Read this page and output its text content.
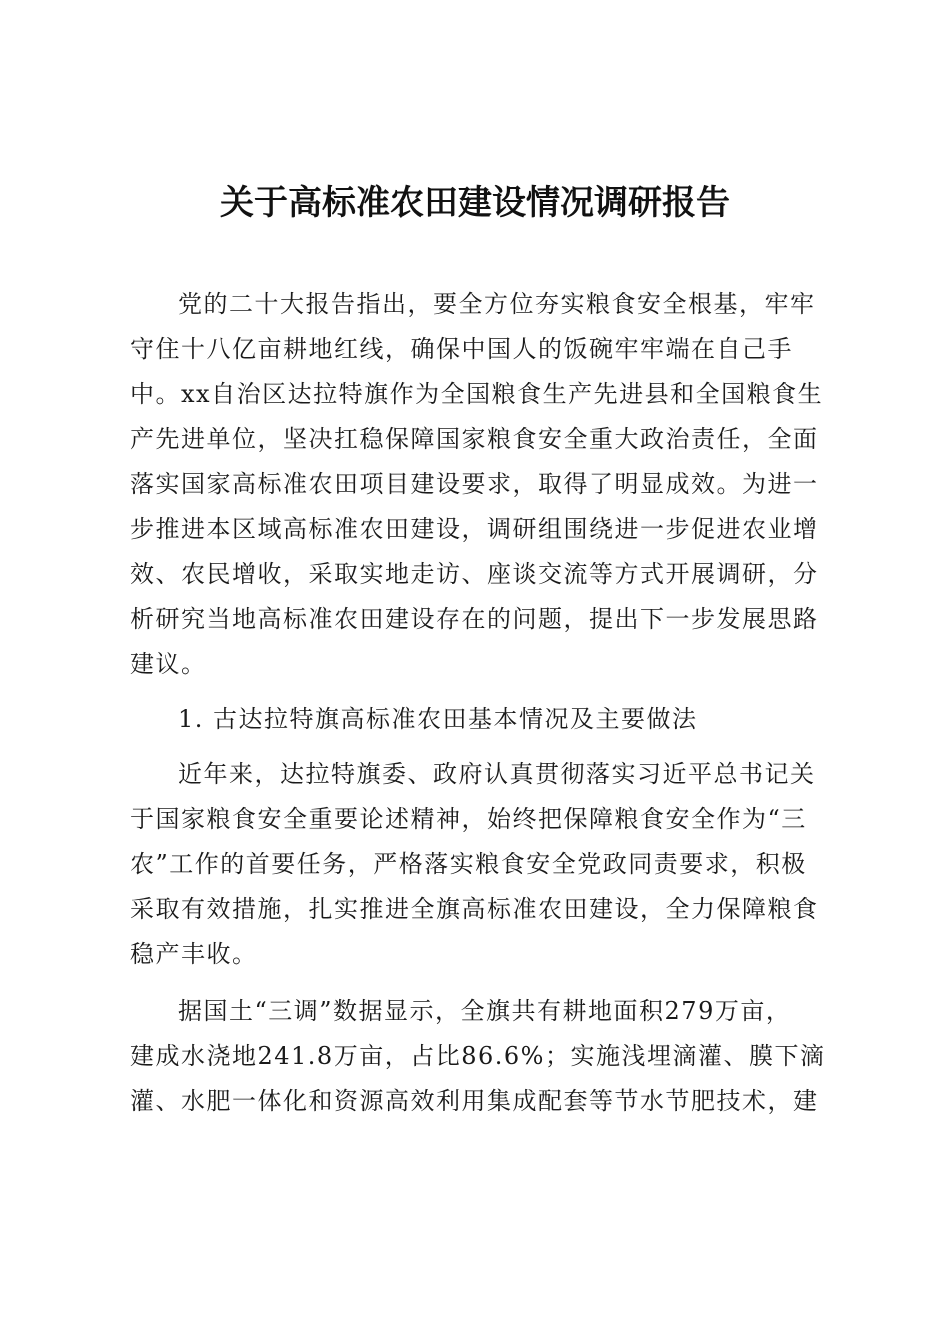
关于高标准农田建设情况调研报告
党的二十大报告指出，要全方位夯实粮食安全根基，牢牢
守住十八亿亩耕地红线，确保中国人的饭碗牢牢端在自己手
中。xx自治区达拉特旗作为全国粮食生产先进县和全国粮食生
产先进单位，坚决扛稳保障国家粮食安全重大政治责任，全面
落实国家高标准农田项目建设要求，取得了明显成效。为进一
步推进本区域高标准农田建设，调研组围绕进一步促进农业增
效、农民增收，采取实地走访、座谈交流等方式开展调研，分
析研究当地高标准农田建设存在的问题，提出下一步发展思路
建议。
1. 古达拉特旗高标准农田基本情况及主要做法
近年来，达拉特旗委、政府认真贯彻落实习近平总书记关
于国家粮食安全重要论述精神，始终把保障粮食安全作为“三
农”工作的首要任务，严格落实粮食安全党政同责要求，积极
采取有效措施，扎实推进全旗高标准农田建设，全力保障粮食
稳产丰收。
据国土“三调”数据显示，全旗共有耕地面积279万亩，
建成水浇地241.8万亩，占比86.6%；实施浅埋滴灌、膜下滴
灌、水肥一体化和资源高效利用集成配套等节水节肥技术，建
